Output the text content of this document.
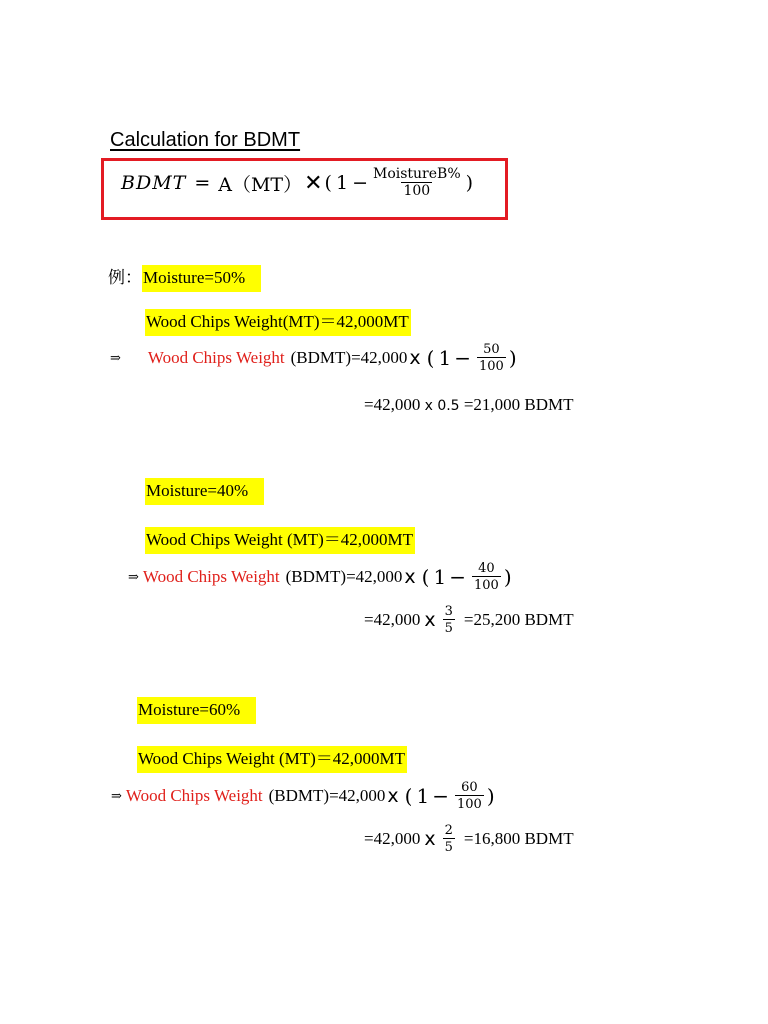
Calculation for BDMT
BDMT = A（MT） ✕ ( $1 - \frac{\text{MoistureB\%}}{100}$ )
例：Moisture=50%
Wood Chips Weight(MT)＝42,000MT
⇒ Wood Chips Weight (BDMT)=42,000 x ( $1 - \frac{50}{100}$ )
=42,000 x 0.5 =21,000 BDMT
Moisture=40%
Wood Chips Weight (MT)＝42,000MT
⇒ Wood Chips Weight (BDMT)=42,000 x ( $1 - \frac{40}{100}$ )
=42,000 x $\frac{3}{5} =25,200$ BDMT
Moisture=60%
Wood Chips Weight (MT)＝42,000MT
⇒ Wood Chips Weight (BDMT)=42,000 x ( $1 - \frac{60}{100}$ )
=42,000 x $\frac{2}{5} =16,800$ BDMT
